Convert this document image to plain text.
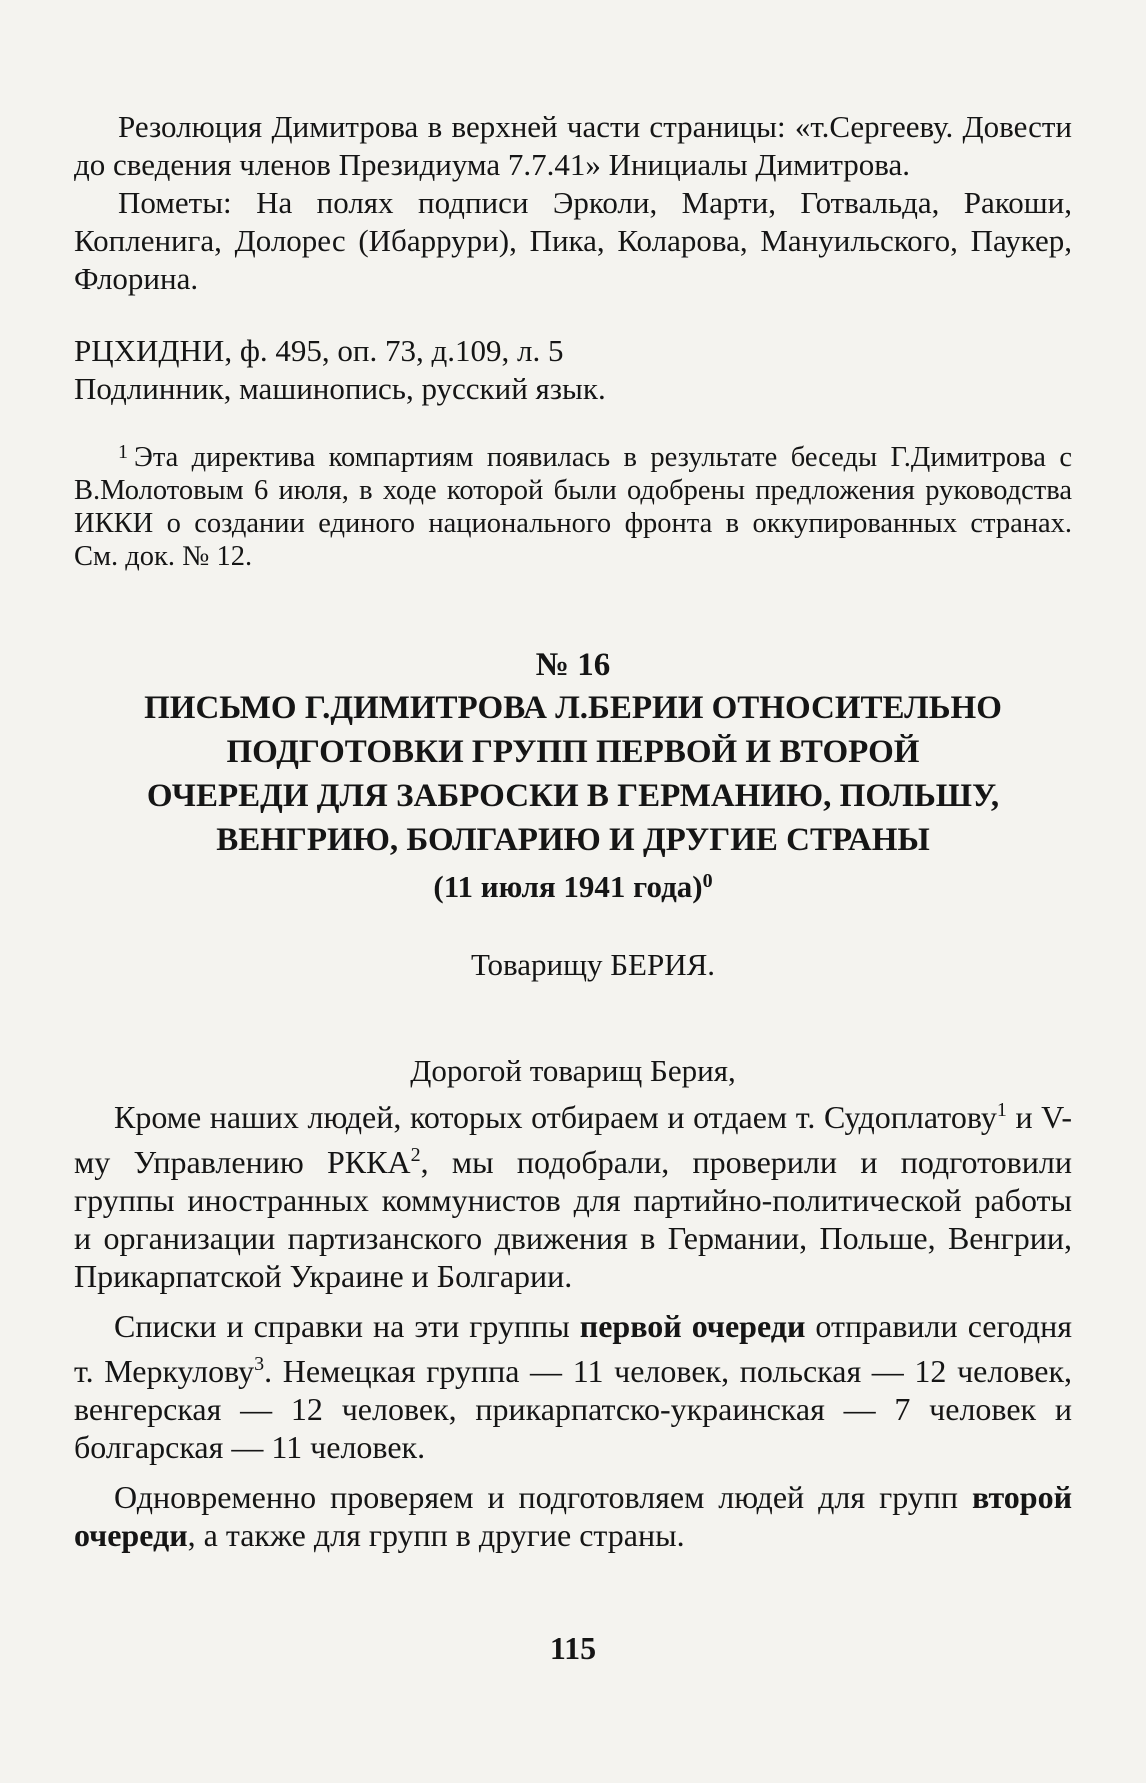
Резолюция Димитрова в верхней части страницы: «т.Сергееву. Довести до сведения членов Президиума 7.7.41» Инициалы Димитрова.

Пометы: На полях подписи Эрколи, Марти, Готвальда, Ракоши, Копленига, Долорес (Ибаррури), Пика, Коларова, Мануильского, Паукер, Флорина.

РЦХИДНИ, ф. 495, оп. 73, д.109, л. 5

Подлинник, машинопись, русский язык.

$^1$ Эта директива компартиям появилась в результате беседы Г.Димитрова с В.Молотовым 6 июля, в ходе которой были одобрены предложения руководства ИККИ о создании единого национального фронта в оккупированных странах. См. док. № 12.

№ 16

ПИСЬМО Г.ДИМИТРОВА Л.БЕРИИ ОТНОСИТЕЛЬНО

ПОДГОТОВКИ ГРУПП ПЕРВОЙ И ВТОРОЙ

ОЧЕРЕДИ ДЛЯ ЗАБРОСКИ В ГЕРМАНИЮ, ПОЛЬШУ,

ВЕНГРИЮ, БОЛГАРИЮ И ДРУГИЕ СТРАНЫ

(11 июля 1941 года)$^0$

Товарищу БЕРИЯ.
Дорогой товарищ Берия,

Кроме наших людей, которых отбираем и отдаем т. Судоплатову$^1$ и V-му Управлению РККА$^2$, мы подобрали, проверили и подготовили группы иностранных коммунистов для партийно-политической работы и организации партизанского движения в Германии, Польше, Венгрии, Прикарпатской Украине и Болгарии.

Списки и справки на эти группы первой очереди отправили сегодня т. Меркулову$^3$. Немецкая группа — 11 человек, польская — 12 человек, венгерская — 12 человек, прикарпатско-украинская — 7 человек и болгарская — 11 человек.

Одновременно проверяем и подготовляем людей для групп второй очереди, а также для групп в другие страны.

115
